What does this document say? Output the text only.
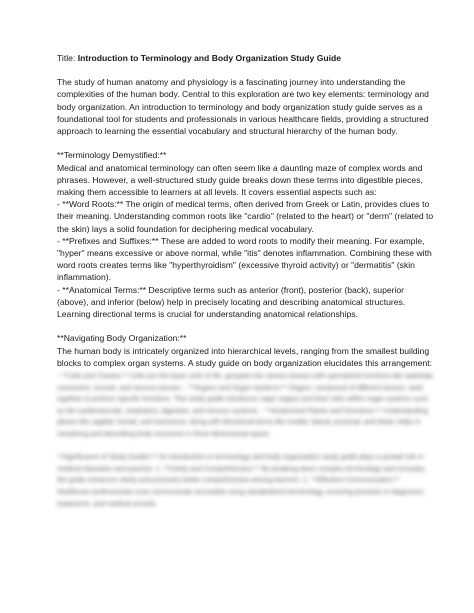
Title: Introduction to Terminology and Body Organization Study Guide

The study of human anatomy and physiology is a fascinating journey into understanding the complexities of the human body. Central to this exploration are two key elements: terminology and body organization. An introduction to terminology and body organization study guide serves as a foundational tool for students and professionals in various healthcare fields, providing a structured approach to learning the essential vocabulary and structural hierarchy of the human body.

**Terminology Demystified:**
Medical and anatomical terminology can often seem like a daunting maze of complex words and phrases. However, a well-structured study guide breaks down these terms into digestible pieces, making them accessible to learners at all levels. It covers essential aspects such as:
- **Word Roots:** The origin of medical terms, often derived from Greek or Latin, provides clues to their meaning. Understanding common roots like "cardio" (related to the heart) or "derm" (related to the skin) lays a solid foundation for deciphering medical vocabulary.
- **Prefixes and Suffixes:** These are added to word roots to modify their meaning. For example, "hyper" means excessive or above normal, while "itis" denotes inflammation. Combining these with word roots creates terms like "hyperthyroidism" (excessive thyroid activity) or "dermatitis" (skin inflammation).
- **Anatomical Terms:** Descriptive terms such as anterior (front), posterior (back), superior (above), and inferior (below) help in precisely locating and describing anatomical structures. Learning directional terms is crucial for understanding anatomical relationships.
**Navigating Body Organization:**
The human body is intricately organized into hierarchical levels, ranging from the smallest building blocks to complex organ systems. A study guide on body organization elucidates this arrangement:

- **Cells and Tissues:** Cells are the basic units of life, grouped into various tissues with specialized functions like epithelial, connective, muscle, and nervous tissues. - **Organs and Organ Systems:** Organs, composed of different tissues, work together to perform specific functions. This study guide introduces major organs and their roles within organ systems such as the cardiovascular, respiratory, digestive, and nervous systems. - **Anatomical Planes and Directions:** Understanding planes like sagittal, frontal, and transverse, along with directional terms like medial, lateral, proximal, and distal, helps in visualizing and describing body structures in three-dimensional space.

**Significance of Study Guides:** An introduction to terminology and body organization study guide plays a pivotal role in medical education and practice: 1. **Clarity and Comprehension:** By breaking down complex terminology and concepts, the guide enhances clarity and promotes better comprehension among learners. 2. **Effective Communication:** Healthcare professionals must communicate accurately using standardized terminology, ensuring precision in diagnoses, treatments, and medical records.
